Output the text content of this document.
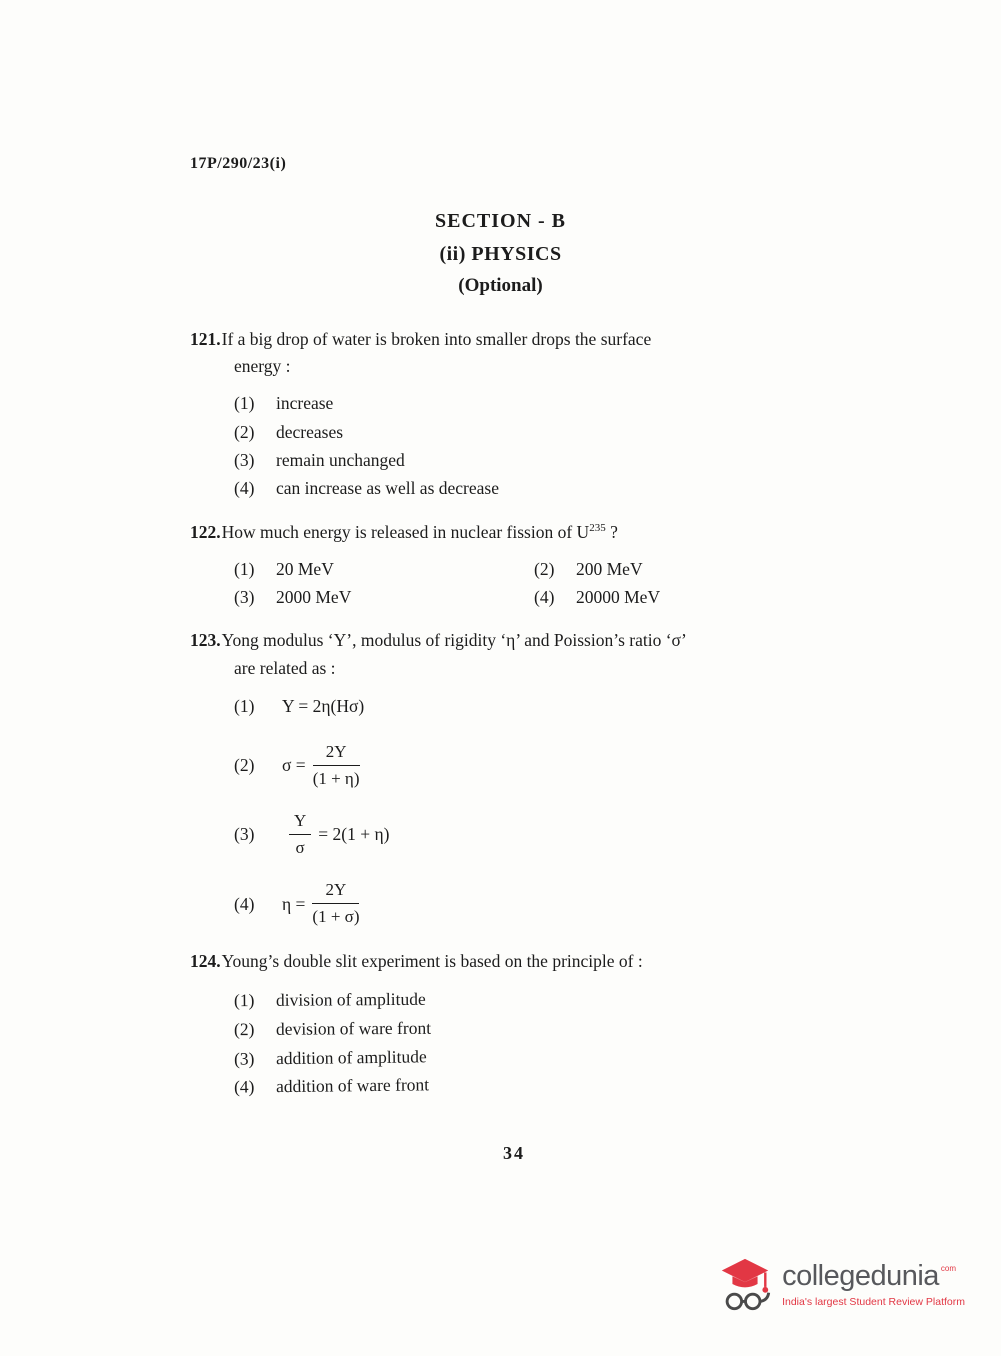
17P/290/23(i)
SECTION - B
(ii) PHYSICS
(Optional)

121.If a big drop of water is broken into smaller drops the surface
energy :

(1)	increase
(2)	decreases
(3)	remain unchanged
(4)	can increase as well as decrease

122.How much energy is released in nuclear fission of $U^{235}$ ?

(1)	20 MeV	(2)	200 MeV
(3)	2000 MeV	(4)	20000 MeV

123.Yong modulus ‘Y’, modulus of rigidity ‘η’ and Poission’s ratio ‘σ’
are related as :

(1)	Y = 2η(Hσ)
(2)	$\sigma = \frac{2Y}{(1 + \eta)}$
(3)	$\frac{Y}{\sigma} = 2(1 + \eta)$
(4)	$\eta = \frac{2Y}{(1 + \sigma)}$

124.Young’s double slit experiment is based on the principle of :

(1)	division of amplitude
(2)	devision of ware front
(3)	addition of amplitude
(4)	addition of ware front
34
collegedunia com
India's largest Student Review Platform
